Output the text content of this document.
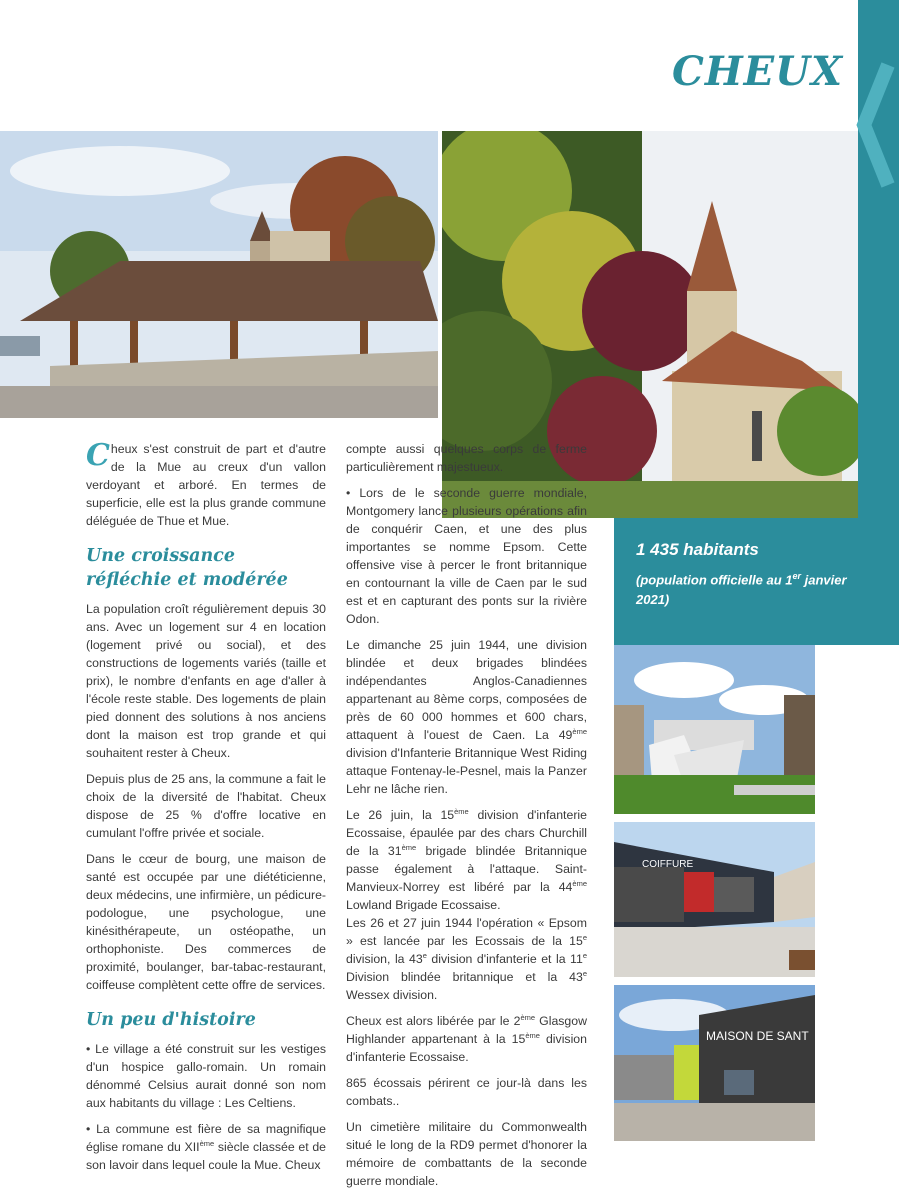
CHEUX
1 435 habitants
(population officielle au 1er janvier 2021)
COIFFURE
MAISON DE SANT

Cheux s'est construit de part et d'autre de la Mue au creux d'un vallon verdoyant et arboré. En termes de superficie, elle est la plus grande commune déléguée de Thue et Mue.

Une croissance réfléchie et modérée

La population croît régulièrement depuis 30 ans. Avec un logement sur 4 en location (logement privé ou social), et des constructions de logements variés (taille et prix), le nombre d'enfants en age d'aller à l'école reste stable. Des logements de plain pied donnent des solutions à nos anciens dont la maison est trop grande et qui souhaitent rester à Cheux.

Depuis plus de 25 ans, la commune a fait le choix de la diversité de l'habitat. Cheux dispose de 25 % d'offre locative en cumulant l'offre privée et sociale.

Dans le cœur de bourg, une maison de santé est occupée par une diététicienne, deux médecins, une infirmière, un pédicure-podologue, une psychologue, une kinésithérapeute, un ostéopathe, un orthophoniste. Des commerces de proximité, boulanger, bar-tabac-restaurant, coiffeuse complètent cette offre de services.

Un peu d'histoire

• Le village a été construit sur les vestiges d'un hospice gallo-romain. Un romain dénommé Celsius aurait donné son nom aux habitants du village : Les Celtiens.

• La commune est fière de sa magnifique église romane du XIIème siècle classée et de son lavoir dans lequel coule la Mue. Cheux

compte aussi quelques corps de ferme particulièrement majestueux.

• Lors de le seconde guerre mondiale, Montgomery lance plusieurs opérations afin de conquérir Caen, et une des plus importantes se nomme Epsom. Cette offensive vise à percer le front britannique en contournant la ville de Caen par le sud est et en capturant des ponts sur la rivière Odon.

Le dimanche 25 juin 1944, une division blindée et deux brigades blindées indépendantes Anglos-Canadiennes appartenant au 8ème corps, composées de près de 60 000 hommes et 600 chars, attaquent à l'ouest de Caen. La 49ème division d'Infanterie Britannique West Riding attaque Fontenay-le-Pesnel, mais la Panzer Lehr ne lâche rien.

Le 26 juin, la 15ème division d'infanterie Ecossaise, épaulée par des chars Churchill de la 31ème brigade blindée Britannique passe également à l'attaque. Saint-Manvieux-Norrey est libéré par la 44ème Lowland Brigade Ecossaise.

Les 26 et 27 juin 1944 l'opération « Epsom » est lancée par les Ecossais de la 15e division, la 43e division d'infanterie et la 11e Division blindée britannique et la 43e Wessex division.

Cheux est alors libérée par le 2ème Glasgow Highlander appartenant à la 15ème division d'infanterie Ecossaise.

865 écossais périrent ce jour-là dans les combats..

Un cimetière militaire du Commonwealth situé le long de la RD9 permet d'honorer la mémoire de combattants de la seconde guerre mondiale.
